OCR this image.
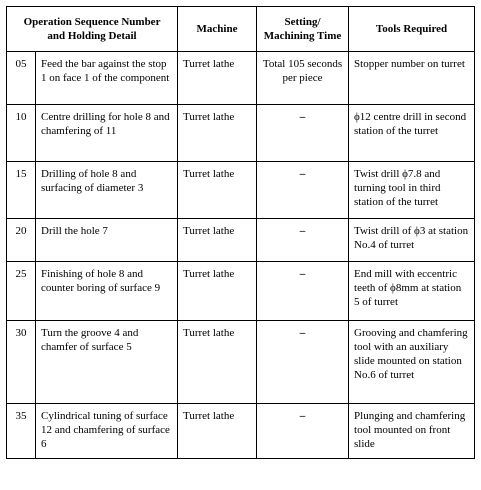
Operation Sequence Number
and Holding Detail		Machine	Setting/
Machining Time	Tools Required
05	Feed the bar against the stop 1 on face 1 of the component	Turret lathe	Total 105 seconds per piece	Stopper number on turret
10	Centre drilling for hole 8 and chamfering of 11	Turret lathe	–	ϕ12 centre drill in second station of the turret
15	Drilling of hole 8 and surfacing of diameter 3	Turret lathe	–	Twist drill ϕ7.8 and turning tool in third station of the turret
20	Drill the hole 7	Turret lathe	–	Twist drill of ϕ3 at station No.4 of turret
25	Finishing of hole 8 and counter boring of surface 9	Turret lathe	–	End mill with eccentric teeth of ϕ8mm at station 5 of turret
30	Turn the groove 4 and chamfer of surface 5	Turret lathe	–	Grooving and chamfering tool with an auxiliary slide mounted on station No.6 of turret
35	Cylindrical tuning of surface 12 and chamfering of surface 6	Turret lathe	–	Plunging and chamfering tool mounted on front slide
